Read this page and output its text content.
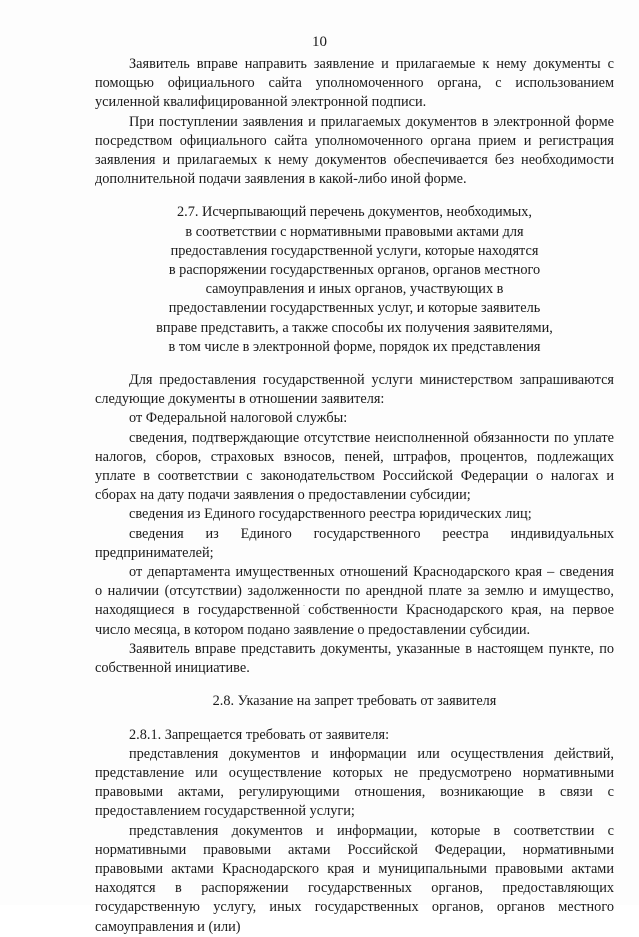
10

Заявитель вправе направить заявление и прилагаемые к нему документы с помощью официального сайта уполномоченного органа, с использованием усиленной квалифицированной электронной подписи.

При поступлении заявления и прилагаемых документов в электронной форме посредством официального сайта уполномоченного органа прием и регистрация заявления и прилагаемых к нему документов обеспечивается без необходимости дополнительной подачи заявления в какой-либо иной форме.

2.7. Исчерпывающий перечень документов, необходимых,
в соответствии с нормативными правовыми актами для
предоставления государственной услуги, которые находятся
в распоряжении государственных органов, органов местного
самоуправления и иных органов, участвующих в
предоставлении государственных услуг, и которые заявитель
вправе представить, а также способы их получения заявителями,
в том числе в электронной форме, порядок их представления

Для предоставления государственной услуги министерством запрашиваются следующие документы в отношении заявителя:

от Федеральной налоговой службы:

сведения, подтверждающие отсутствие неисполненной обязанности по уплате налогов, сборов, страховых взносов, пеней, штрафов, процентов, подлежащих уплате в соответствии с законодательством Российской Федерации о налогах и сборах на дату подачи заявления о предоставлении субсидии;

сведения из Единого государственного реестра юридических лиц;

сведения из Единого государственного реестра индивидуальных предпринимателей;

от департамента имущественных отношений Краснодарского края – сведения о наличии (отсутствии) задолженности по арендной плате за землю и имущество, находящиеся в государственной собственности Краснодарского края, на первое число месяца, в котором подано заявление о предоставлении субсидии.

Заявитель вправе представить документы, указанные в настоящем пункте, по собственной инициативе.

2.8. Указание на запрет требовать от заявителя

2.8.1. Запрещается требовать от заявителя:

представления документов и информации или осуществления действий, представление или осуществление которых не предусмотрено нормативными правовыми актами, регулирующими отношения, возникающие в связи с предоставлением государственной услуги;

представления документов и информации, которые в соответствии с нормативными правовыми актами Российской Федерации, нормативными правовыми актами Краснодарского края и муниципальными правовыми актами находятся в распоряжении государственных органов, предоставляющих государственную услугу, иных государственных органов, органов местного самоуправления и (или)
